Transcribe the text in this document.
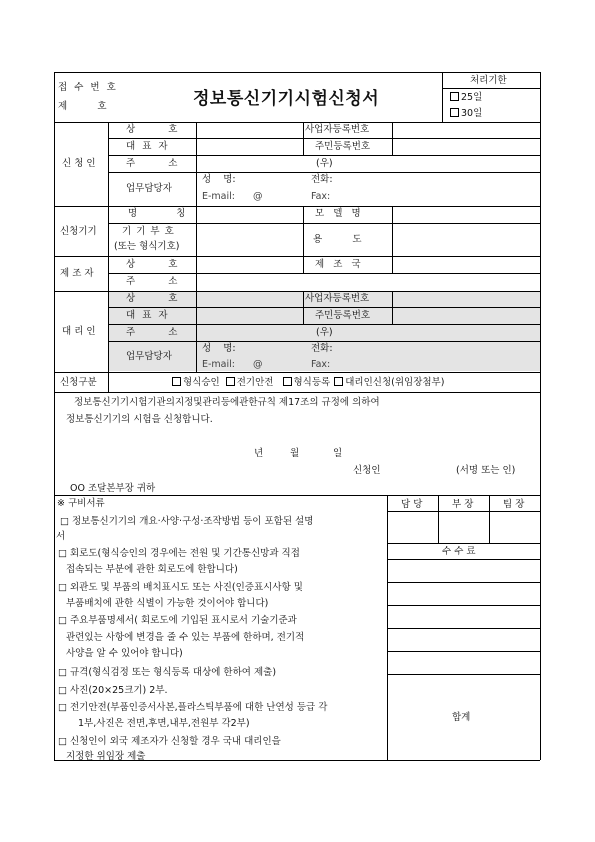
접 수 번 호
제          호	정보통신기기시험신청서
처리기한
25일
30일
신 청 인
상   호	사업자등록번호
대 표 자	주민등록번호
주   소	(우)
업무담당자
성    명:	전화:
E-mail: @	Fax:
신청기기
명     칭	모   델   명
기 기 부 호
(또는 형식기호)
용          도
제 조 자
상   호	제   조   국
주   소
대 리 인
상   호	사업자등록번호
대 표 자	주민등록번호
주   소	(우)
업무담당자
성    명:	전화:
E-mail: @	Fax:
신청구분	형식승인 전기안전 형식등록 대리인신청(위임장첨부)
정보통신기기시험기관의지정및관리등에관한규칙 제17조의 규정에 의하여
정보통신기기의 시험을 신청합니다.
년	월	일
신청인	(서명 또는 인)
OO 조달본부장 귀하
※ 구비서류
□ 정보통신기기의 개요·사양·구성·조작방법 등이 포함된 설명
서
□ 회로도(형식승인의 경우에는 전원 및 기간통신망과 직접
접속되는 부분에 관한 회로도에 한합니다)
□ 외관도 및 부품의 배치표시도 또는 사진(인증표시사항 및
부품배치에 관한 식별이 가능한 것이어야 합니다)
□ 주요부품명세서( 회로도에 기입된 표시로서 기술기준과
관련있는 사항에 변경을 줄 수 있는 부품에 한하며, 전기적
사양을 알 수 있어야 합니다)
□ 규격(형식검정 또는 형식등록 대상에 한하여 제출)
□ 사진(20×25크기) 2부.
□ 전기안전(부품인증서사본,플라스틱부품에 대한 난연성 등급 각
1부,사진은 전면,후면,내부,전원부 각2부)
□ 신청인이 외국 제조자가 신청할 경우 국내 대리인을
지정한 위임장 제출
담 당	부 장	팀 장
수 수 료
합계
